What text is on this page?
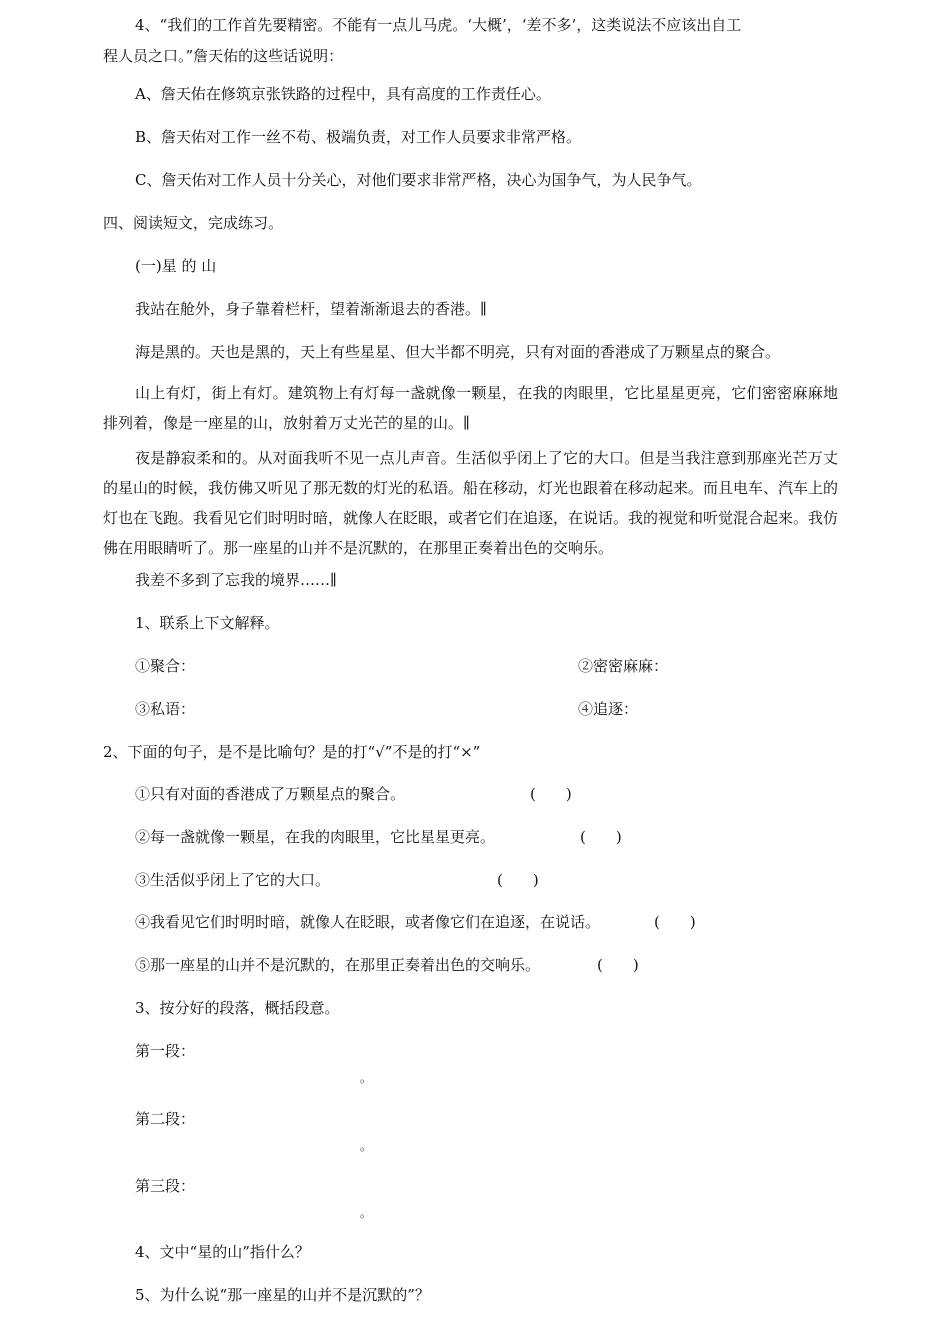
4、“我们的工作首先要精密。不能有一点儿马虎。‘大概’，‘差不多’，这类说法不应该出自工
程人员之口。”詹天佑的这些话说明：
A、詹天佑在修筑京张铁路的过程中，具有高度的工作责任心。
B、詹天佑对工作一丝不苟、极端负责，对工作人员要求非常严格。
C、詹天佑对工作人员十分关心，对他们要求非常严格，决心为国争气，为人民争气。
四、阅读短文，完成练习。
(一)星 的 山
我站在舱外，身子靠着栏杆，望着渐渐退去的香港。∥
海是黑的。天也是黑的，天上有些星星、但大半都不明亮，只有对面的香港成了万颗星点的聚合。
山上有灯，街上有灯。建筑物上有灯每一盏就像一颗星，在我的肉眼里，它比星星更亮，它们密密麻麻地排列着，像是一座星的山，放射着万丈光芒的星的山。∥
夜是静寂柔和的。从对面我听不见一点儿声音。生活似乎闭上了它的大口。但是当我注意到那座光芒万丈的星山的时候，我仿佛又听见了那无数的灯光的私语。船在移动，灯光也跟着在移动起来。而且电车、汽车上的灯也在飞跑。我看见它们时明时暗，就像人在眨眼，或者它们在追逐，在说话。我的视觉和听觉混合起来。我仿佛在用眼睛听了。那一座星的山并不是沉默的，在那里正奏着出色的交响乐。
我差不多到了忘我的境界……∥
1、联系上下文解释。
①聚合：	②密密麻麻：
③私语：	④追逐：
2、下面的句子，是不是比喻句？是的打“√”不是的打“×”
①只有对面的香港成了万颗星点的聚合。	(　　)
②每一盏就像一颗星，在我的肉眼里，它比星星更亮。	(　　)
③生活似乎闭上了它的大口。	(　　)
④我看见它们时明时暗，就像人在眨眼，或者像它们在追逐，在说话。	(　　)
⑤那一座星的山并不是沉默的，在那里正奏着出色的交响乐。	(　　)
3、按分好的段落，概括段意。
第一段：
。
第二段：
。
第三段：
。
4、文中“星的山”指什么？
5、为什么说“那一座星的山并不是沉默的”？
